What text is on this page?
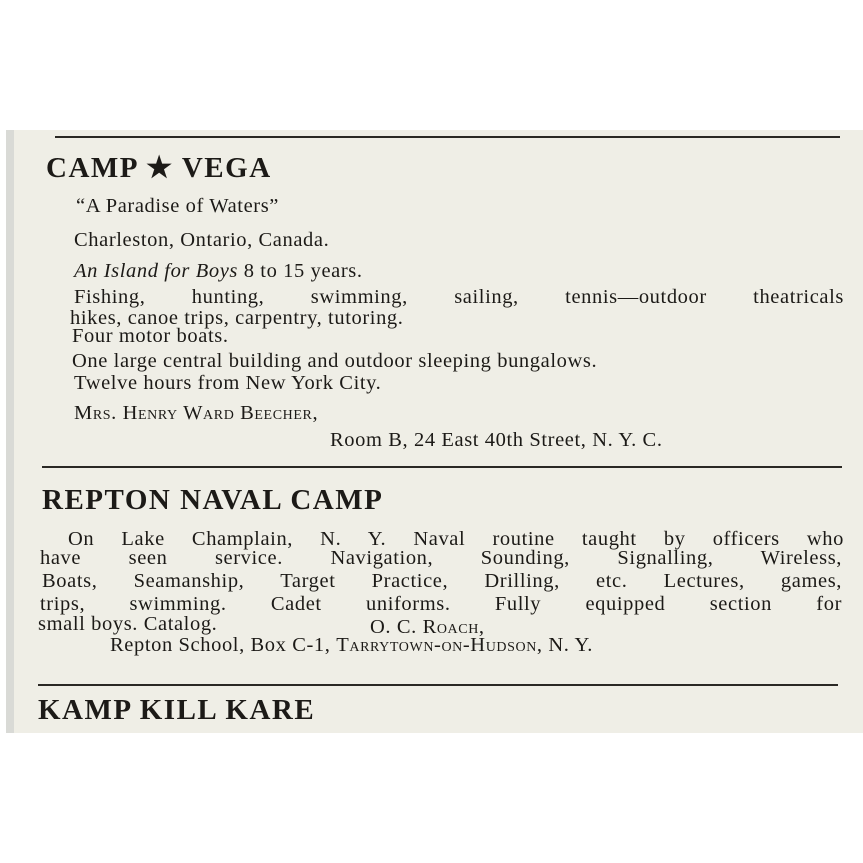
CAMP ★ VEGA
“A Paradise of Waters”
Charleston, Ontario, Canada.
An Island for Boys 8 to 15 years.
Fishing, hunting, swimming, sailing, tennis—outdoor theatricals
hikes, canoe trips, carpentry, tutoring.
Four motor boats.
One large central building and outdoor sleeping bungalows.
Twelve hours from New York City.
Mrs. Henry Ward Beecher,
Room B, 24 East 40th Street, N. Y. C.
REPTON NAVAL CAMP
On Lake Champlain, N. Y. Naval routine taught by officers who
have seen service. Navigation, Sounding, Signalling, Wireless,
Boats, Seamanship, Target Practice, Drilling, etc. Lectures, games,
trips, swimming. Cadet uniforms. Fully equipped section for
small boys. Catalog.	O. C. Roach,
Repton School, Box C-1, Tarrytown-on-Hudson, N. Y.
KAMP KILL KARE
